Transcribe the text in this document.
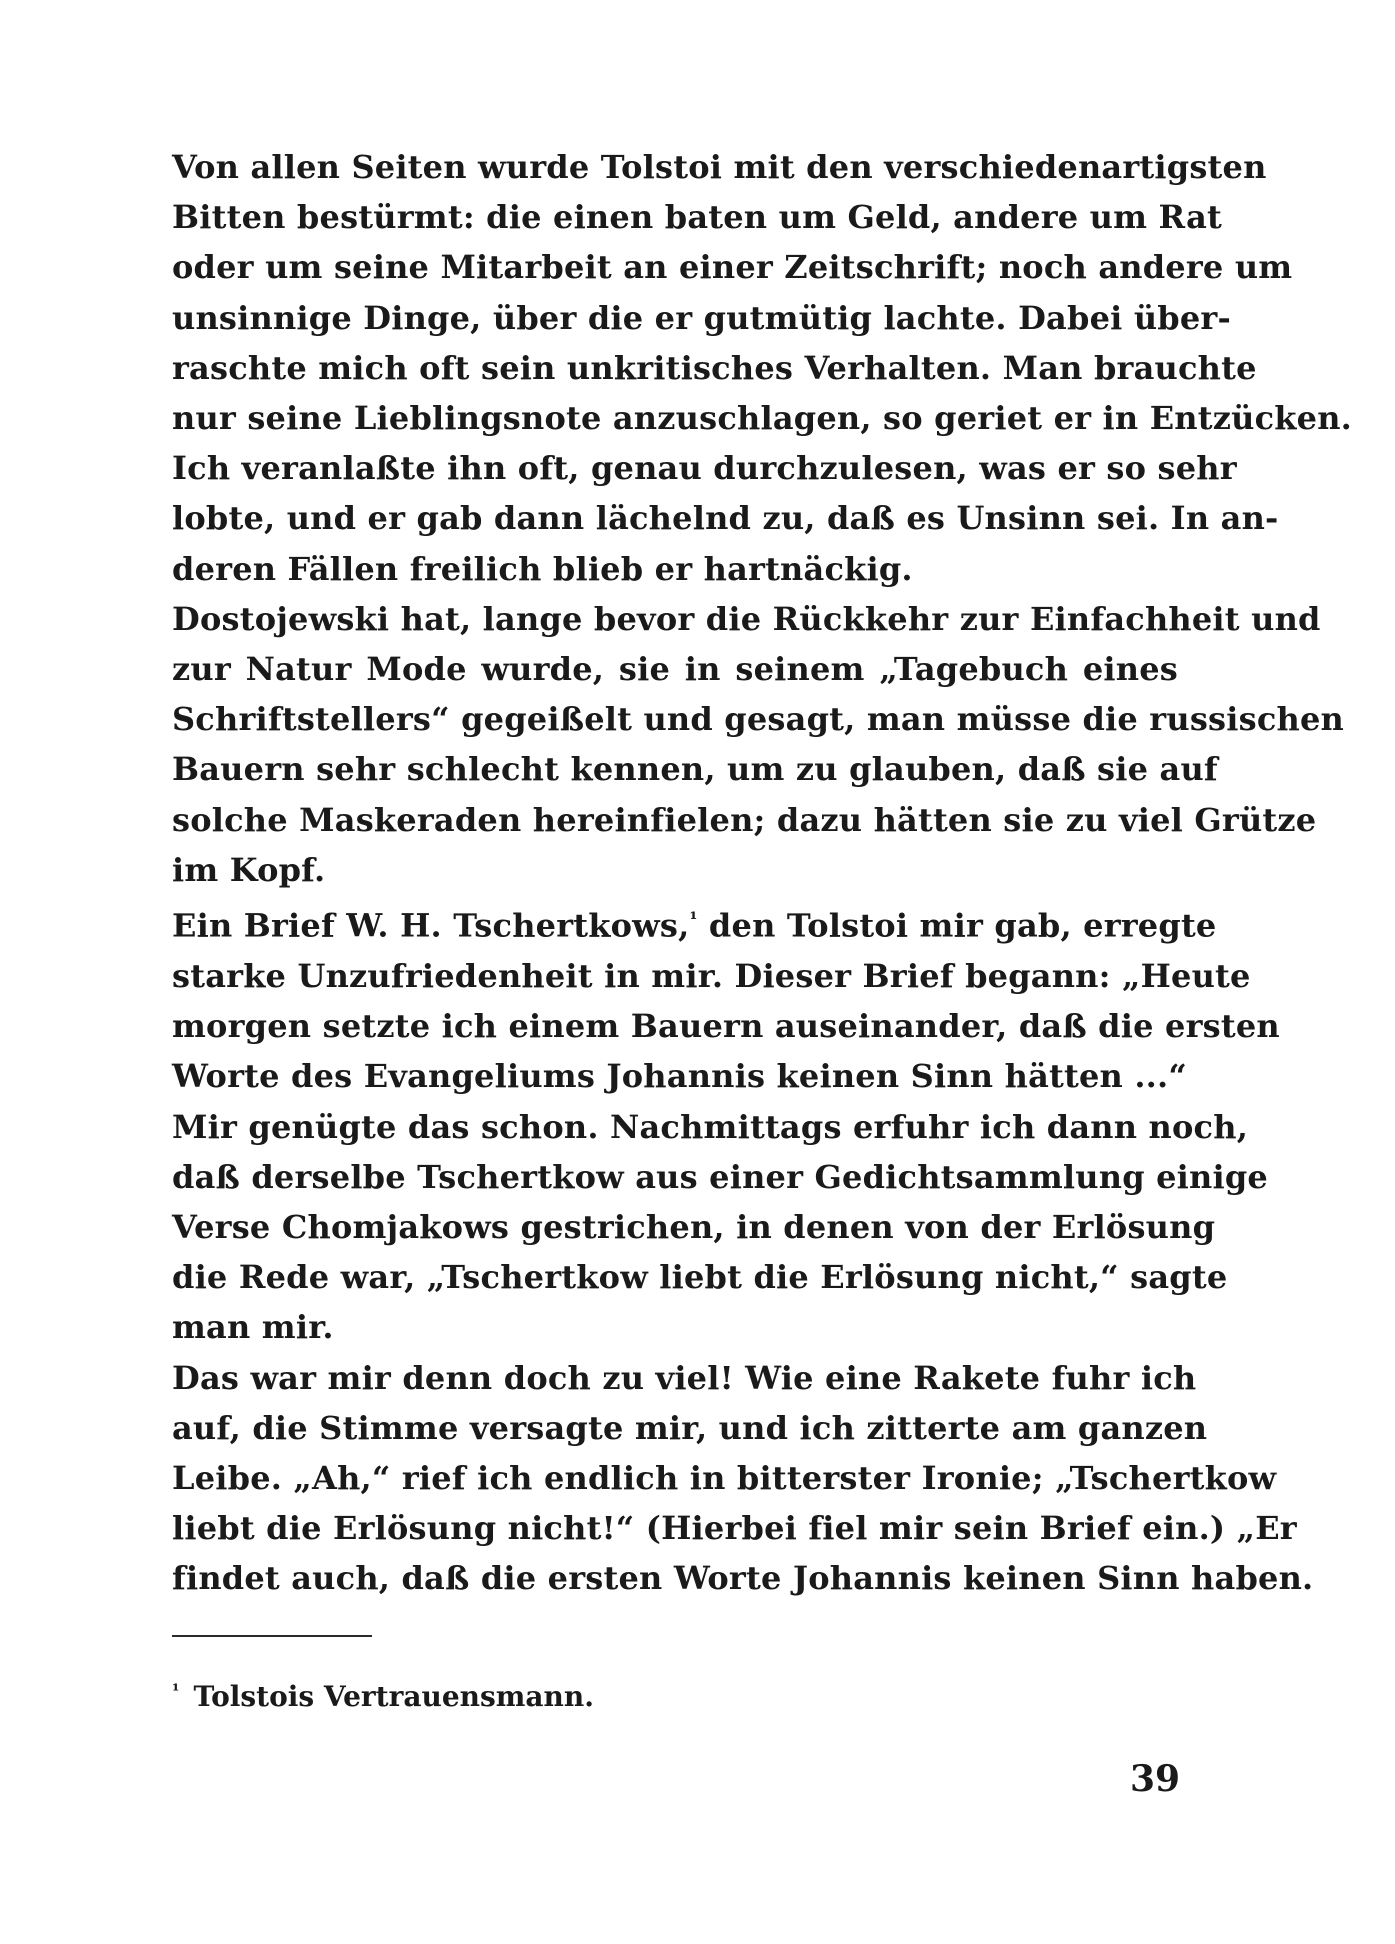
Von allen Seiten wurde Tolstoi mit den verschiedenartigsten
Bitten bestürmt: die einen baten um Geld, andere um Rat
oder um seine Mitarbeit an einer Zeitschrift; noch andere um
unsinnige Dinge, über die er gutmütig lachte. Dabei über-
raschte mich oft sein unkritisches Verhalten. Man brauchte
nur seine Lieblingsnote anzuschlagen, so geriet er in Entzücken.
Ich veranlaßte ihn oft, genau durchzulesen, was er so sehr
lobte, und er gab dann lächelnd zu, daß es Unsinn sei. In an-
deren Fällen freilich blieb er hartnäckig.
Dostojewski hat, lange bevor die Rückkehr zur Einfachheit und
zur Natur Mode wurde, sie in seinem „Tagebuch eines
Schriftstellers“ gegeißelt und gesagt, man müsse die russischen
Bauern sehr schlecht kennen, um zu glauben, daß sie auf
solche Maskeraden hereinfielen; dazu hätten sie zu viel Grütze
im Kopf.
Ein Brief W. H. Tschertkows,$^{^1}$ den Tolstoi mir gab, erregte
starke Unzufriedenheit in mir. Dieser Brief begann: „Heute
morgen setzte ich einem Bauern auseinander, daß die ersten
Worte des Evangeliums Johannis keinen Sinn hätten ...“
Mir genügte das schon. Nachmittags erfuhr ich dann noch,
daß derselbe Tschertkow aus einer Gedichtsammlung einige
Verse Chomjakows gestrichen, in denen von der Erlösung
die Rede war, „Tschertkow liebt die Erlösung nicht,“ sagte
man mir.
Das war mir denn doch zu viel! Wie eine Rakete fuhr ich
auf, die Stimme versagte mir, und ich zitterte am ganzen
Leibe. „Ah,“ rief ich endlich in bitterster Ironie; „Tschertkow
liebt die Erlösung nicht!“ (Hierbei fiel mir sein Brief ein.) „Er
findet auch, daß die ersten Worte Johannis keinen Sinn haben.
$^{^1}$ Tolstois Vertrauensmann.
39
